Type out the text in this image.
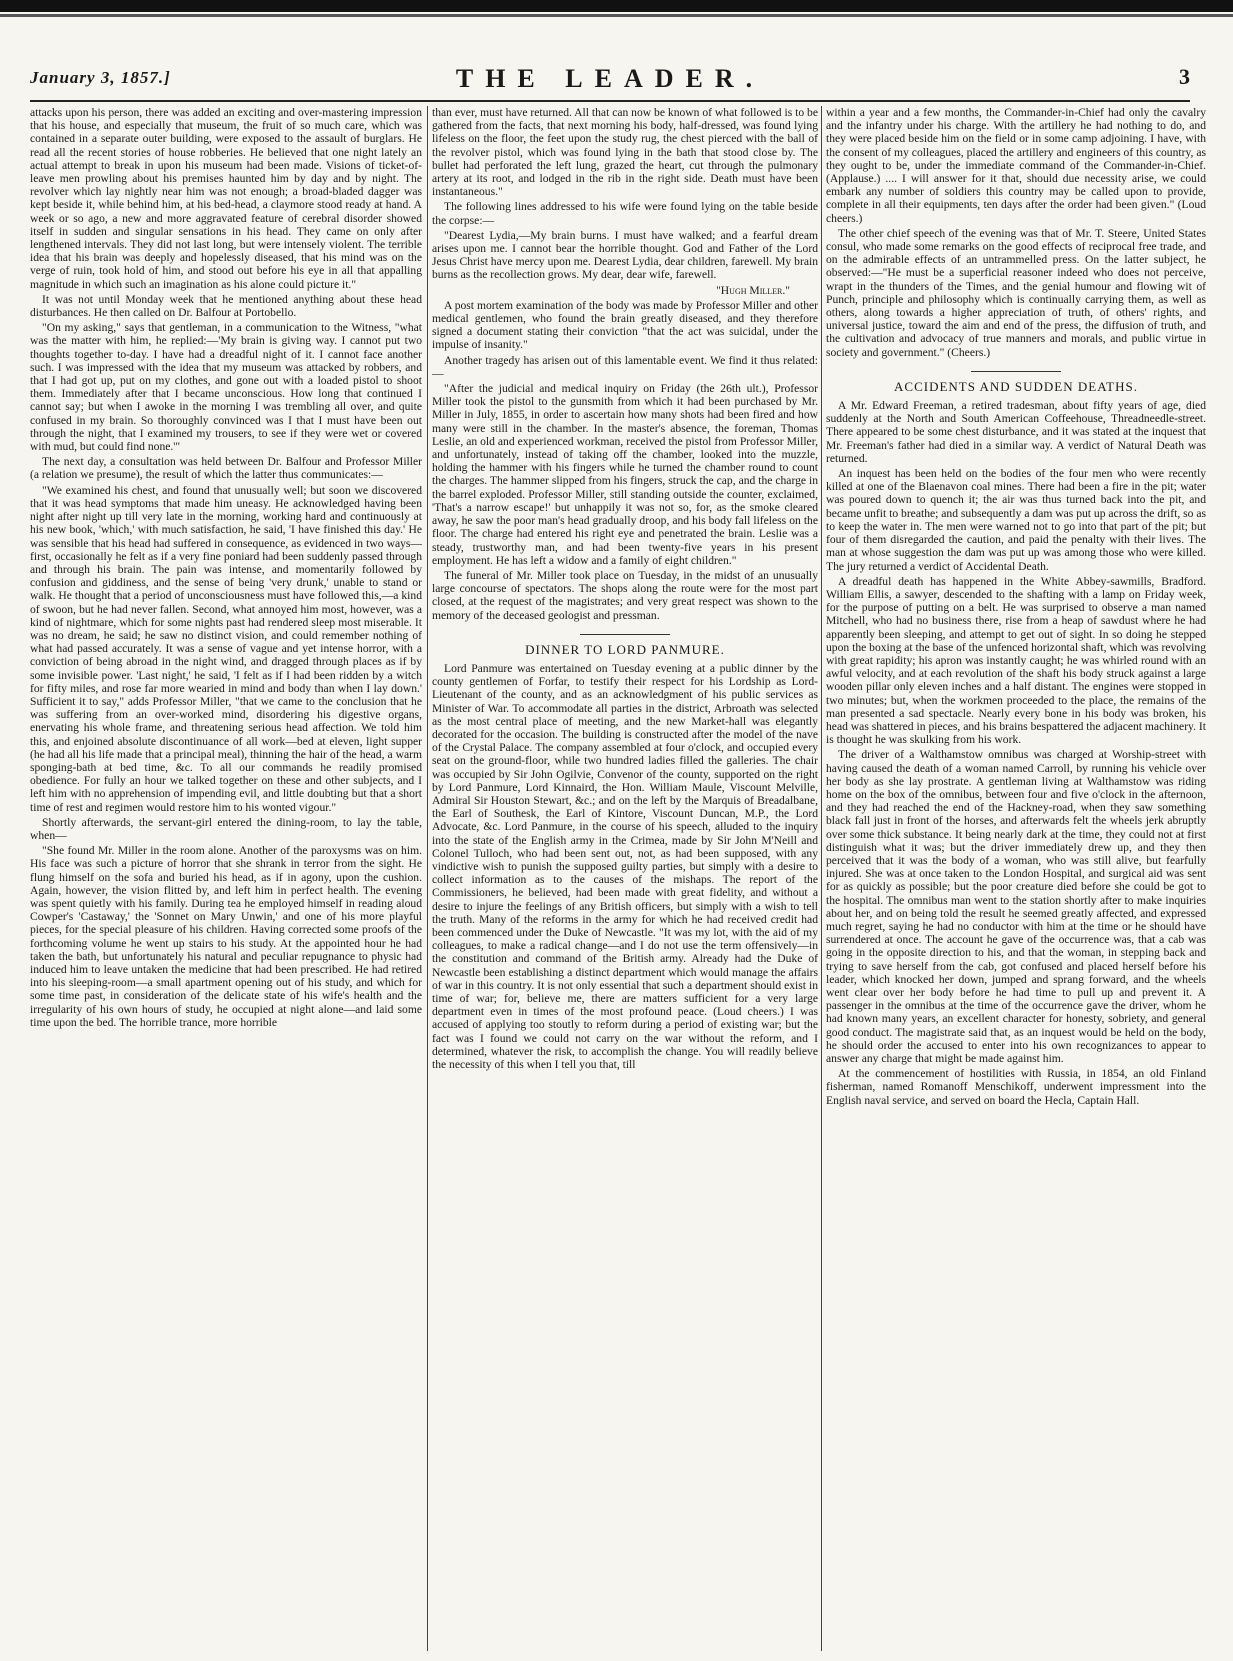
January 3, 1857.]	THE LEADER.	3

attacks upon his person, there was added an exciting and over-mastering impression that his house, and especially that museum, the fruit of so much care, which was contained in a separate outer building, were exposed to the assault of burglars. He read all the recent stories of house robberies. He believed that one night lately an actual attempt to break in upon his museum had been made. Visions of ticket-of-leave men prowling about his premises haunted him by day and by night. The revolver which lay nightly near him was not enough; a broad-bladed dagger was kept beside it, while behind him, at his bed-head, a claymore stood ready at hand. A week or so ago, a new and more aggravated feature of cerebral disorder showed itself in sudden and singular sensations in his head. They came on only after lengthened intervals. They did not last long, but were intensely violent. The terrible idea that his brain was deeply and hopelessly diseased, that his mind was on the verge of ruin, took hold of him, and stood out before his eye in all that appalling magnitude in which such an imagination as his alone could picture it."

It was not until Monday week that he mentioned anything about these head disturbances. He then called on Dr. Balfour at Portobello.

"On my asking," says that gentleman, in a communication to the Witness, "what was the matter with him, he replied:—'My brain is giving way. I cannot put two thoughts together to-day. I have had a dreadful night of it. I cannot face another such. I was impressed with the idea that my museum was attacked by robbers, and that I had got up, put on my clothes, and gone out with a loaded pistol to shoot them. Immediately after that I became unconscious. How long that continued I cannot say; but when I awoke in the morning I was trembling all over, and quite confused in my brain. So thoroughly convinced was I that I must have been out through the night, that I examined my trousers, to see if they were wet or covered with mud, but could find none.'"

The next day, a consultation was held between Dr. Balfour and Professor Miller (a relation we presume), the result of which the latter thus communicates:—

"We examined his chest, and found that unusually well; but soon we discovered that it was head symptoms that made him uneasy. He acknowledged having been night after night up till very late in the morning, working hard and continuously at his new book, 'which,' with much satisfaction, he said, 'I have finished this day.' He was sensible that his head had suffered in consequence, as evidenced in two ways—first, occasionally he felt as if a very fine poniard had been suddenly passed through and through his brain. The pain was intense, and momentarily followed by confusion and giddiness, and the sense of being 'very drunk,' unable to stand or walk. He thought that a period of unconsciousness must have followed this,—a kind of swoon, but he had never fallen. Second, what annoyed him most, however, was a kind of nightmare, which for some nights past had rendered sleep most miserable. It was no dream, he said; he saw no distinct vision, and could remember nothing of what had passed accurately. It was a sense of vague and yet intense horror, with a conviction of being abroad in the night wind, and dragged through places as if by some invisible power. 'Last night,' he said, 'I felt as if I had been ridden by a witch for fifty miles, and rose far more wearied in mind and body than when I lay down.' Sufficient it to say," adds Professor Miller, "that we came to the conclusion that he was suffering from an over-worked mind, disordering his digestive organs, enervating his whole frame, and threatening serious head affection. We told him this, and enjoined absolute discontinuance of all work—bed at eleven, light supper (he had all his life made that a principal meal), thinning the hair of the head, a warm sponging-bath at bed time, &c. To all our commands he readily promised obedience. For fully an hour we talked together on these and other subjects, and I left him with no apprehension of impending evil, and little doubting but that a short time of rest and regimen would restore him to his wonted vigour."

Shortly afterwards, the servant-girl entered the dining-room, to lay the table, when—

"She found Mr. Miller in the room alone. Another of the paroxysms was on him. His face was such a picture of horror that she shrank in terror from the sight. He flung himself on the sofa and buried his head, as if in agony, upon the cushion. Again, however, the vision flitted by, and left him in perfect health. The evening was spent quietly with his family. During tea he employed himself in reading aloud Cowper's 'Castaway,' the 'Sonnet on Mary Unwin,' and one of his more playful pieces, for the special pleasure of his children. Having corrected some proofs of the forthcoming volume he went up stairs to his study. At the appointed hour he had taken the bath, but unfortunately his natural and peculiar repugnance to physic had induced him to leave untaken the medicine that had been prescribed. He had retired into his sleeping-room—a small apartment opening out of his study, and which for some time past, in consideration of the delicate state of his wife's health and the irregularity of his own hours of study, he occupied at night alone—and laid some time upon the bed. The horrible trance, more horrible

than ever, must have returned. All that can now be known of what followed is to be gathered from the facts, that next morning his body, half-dressed, was found lying lifeless on the floor, the feet upon the study rug, the chest pierced with the ball of the revolver pistol, which was found lying in the bath that stood close by. The bullet had perforated the left lung, grazed the heart, cut through the pulmonary artery at its root, and lodged in the rib in the right side. Death must have been instantaneous."

The following lines addressed to his wife were found lying on the table beside the corpse:—

"Dearest Lydia,—My brain burns. I must have walked; and a fearful dream arises upon me. I cannot bear the horrible thought. God and Father of the Lord Jesus Christ have mercy upon me. Dearest Lydia, dear children, farewell. My brain burns as the recollection grows. My dear, dear wife, farewell.

"Hugh Miller."

A post mortem examination of the body was made by Professor Miller and other medical gentlemen, who found the brain greatly diseased, and they therefore signed a document stating their conviction "that the act was suicidal, under the impulse of insanity."

Another tragedy has arisen out of this lamentable event. We find it thus related:—

"After the judicial and medical inquiry on Friday (the 26th ult.), Professor Miller took the pistol to the gunsmith from which it had been purchased by Mr. Miller in July, 1855, in order to ascertain how many shots had been fired and how many were still in the chamber. In the master's absence, the foreman, Thomas Leslie, an old and experienced workman, received the pistol from Professor Miller, and unfortunately, instead of taking off the chamber, looked into the muzzle, holding the hammer with his fingers while he turned the chamber round to count the charges. The hammer slipped from his fingers, struck the cap, and the charge in the barrel exploded. Professor Miller, still standing outside the counter, exclaimed, 'That's a narrow escape!' but unhappily it was not so, for, as the smoke cleared away, he saw the poor man's head gradually droop, and his body fall lifeless on the floor. The charge had entered his right eye and penetrated the brain. Leslie was a steady, trustworthy man, and had been twenty-five years in his present employment. He has left a widow and a family of eight children."

The funeral of Mr. Miller took place on Tuesday, in the midst of an unusually large concourse of spectators. The shops along the route were for the most part closed, at the request of the magistrates; and very great respect was shown to the memory of the deceased geologist and pressman.

DINNER TO LORD PANMURE.

Lord Panmure was entertained on Tuesday evening at a public dinner by the county gentlemen of Forfar, to testify their respect for his Lordship as Lord-Lieutenant of the county, and as an acknowledgment of his public services as Minister of War. To accommodate all parties in the district, Arbroath was selected as the most central place of meeting, and the new Market-hall was elegantly decorated for the occasion. The building is constructed after the model of the nave of the Crystal Palace. The company assembled at four o'clock, and occupied every seat on the ground-floor, while two hundred ladies filled the galleries. The chair was occupied by Sir John Ogilvie, Convenor of the county, supported on the right by Lord Panmure, Lord Kinnaird, the Hon. William Maule, Viscount Melville, Admiral Sir Houston Stewart, &c.; and on the left by the Marquis of Breadalbane, the Earl of Southesk, the Earl of Kintore, Viscount Duncan, M.P., the Lord Advocate, &c. Lord Panmure, in the course of his speech, alluded to the inquiry into the state of the English army in the Crimea, made by Sir John M'Neill and Colonel Tulloch, who had been sent out, not, as had been supposed, with any vindictive wish to punish the supposed guilty parties, but simply with a desire to collect information as to the causes of the mishaps. The report of the Commissioners, he believed, had been made with great fidelity, and without a desire to injure the feelings of any British officers, but simply with a wish to tell the truth. Many of the reforms in the army for which he had received credit had been commenced under the Duke of Newcastle. "It was my lot, with the aid of my colleagues, to make a radical change—and I do not use the term offensively—in the constitution and command of the British army. Already had the Duke of Newcastle been establishing a distinct department which would manage the affairs of war in this country. It is not only essential that such a department should exist in time of war; for, believe me, there are matters sufficient for a very large department even in times of the most profound peace. (Loud cheers.) I was accused of applying too stoutly to reform during a period of existing war; but the fact was I found we could not carry on the war without the reform, and I determined, whatever the risk, to accomplish the change. You will readily believe the necessity of this when I tell you that, till

within a year and a few months, the Commander-in-Chief had only the cavalry and the infantry under his charge. With the artillery he had nothing to do, and they were placed beside him on the field or in some camp adjoining. I have, with the consent of my colleagues, placed the artillery and engineers of this country, as they ought to be, under the immediate command of the Commander-in-Chief. (Applause.) .... I will answer for it that, should due necessity arise, we could embark any number of soldiers this country may be called upon to provide, complete in all their equipments, ten days after the order had been given." (Loud cheers.)

The other chief speech of the evening was that of Mr. T. Steere, United States consul, who made some remarks on the good effects of reciprocal free trade, and on the admirable effects of an untrammelled press. On the latter subject, he observed:—"He must be a superficial reasoner indeed who does not perceive, wrapt in the thunders of the Times, and the genial humour and flowing wit of Punch, principle and philosophy which is continually carrying them, as well as others, along towards a higher appreciation of truth, of others' rights, and universal justice, toward the aim and end of the press, the diffusion of truth, and the cultivation and advocacy of true manners and morals, and public virtue in society and government." (Cheers.)

ACCIDENTS AND SUDDEN DEATHS.

A Mr. Edward Freeman, a retired tradesman, about fifty years of age, died suddenly at the North and South American Coffeehouse, Threadneedle-street. There appeared to be some chest disturbance, and it was stated at the inquest that Mr. Freeman's father had died in a similar way. A verdict of Natural Death was returned.

An inquest has been held on the bodies of the four men who were recently killed at one of the Blaenavon coal mines. There had been a fire in the pit; water was poured down to quench it; the air was thus turned back into the pit, and became unfit to breathe; and subsequently a dam was put up across the drift, so as to keep the water in. The men were warned not to go into that part of the pit; but four of them disregarded the caution, and paid the penalty with their lives. The man at whose suggestion the dam was put up was among those who were killed. The jury returned a verdict of Accidental Death.

A dreadful death has happened in the White Abbey-sawmills, Bradford. William Ellis, a sawyer, descended to the shafting with a lamp on Friday week, for the purpose of putting on a belt. He was surprised to observe a man named Mitchell, who had no business there, rise from a heap of sawdust where he had apparently been sleeping, and attempt to get out of sight. In so doing he stepped upon the boxing at the base of the unfenced horizontal shaft, which was revolving with great rapidity; his apron was instantly caught; he was whirled round with an awful velocity, and at each revolution of the shaft his body struck against a large wooden pillar only eleven inches and a half distant. The engines were stopped in two minutes; but, when the workmen proceeded to the place, the remains of the man presented a sad spectacle. Nearly every bone in his body was broken, his head was shattered in pieces, and his brains bespattered the adjacent machinery. It is thought he was skulking from his work.

The driver of a Walthamstow omnibus was charged at Worship-street with having caused the death of a woman named Carroll, by running his vehicle over her body as she lay prostrate. A gentleman living at Walthamstow was riding home on the box of the omnibus, between four and five o'clock in the afternoon, and they had reached the end of the Hackney-road, when they saw something black fall just in front of the horses, and afterwards felt the wheels jerk abruptly over some thick substance. It being nearly dark at the time, they could not at first distinguish what it was; but the driver immediately drew up, and they then perceived that it was the body of a woman, who was still alive, but fearfully injured. She was at once taken to the London Hospital, and surgical aid was sent for as quickly as possible; but the poor creature died before she could be got to the hospital. The omnibus man went to the station shortly after to make inquiries about her, and on being told the result he seemed greatly affected, and expressed much regret, saying he had no conductor with him at the time or he should have surrendered at once. The account he gave of the occurrence was, that a cab was going in the opposite direction to his, and that the woman, in stepping back and trying to save herself from the cab, got confused and placed herself before his leader, which knocked her down, jumped and sprang forward, and the wheels went clear over her body before he had time to pull up and prevent it. A passenger in the omnibus at the time of the occurrence gave the driver, whom he had known many years, an excellent character for honesty, sobriety, and general good conduct. The magistrate said that, as an inquest would be held on the body, he should order the accused to enter into his own recognizances to appear to answer any charge that might be made against him.

At the commencement of hostilities with Russia, in 1854, an old Finland fisherman, named Romanoff Menschikoff, underwent impressment into the English naval service, and served on board the Hecla, Captain Hall.
